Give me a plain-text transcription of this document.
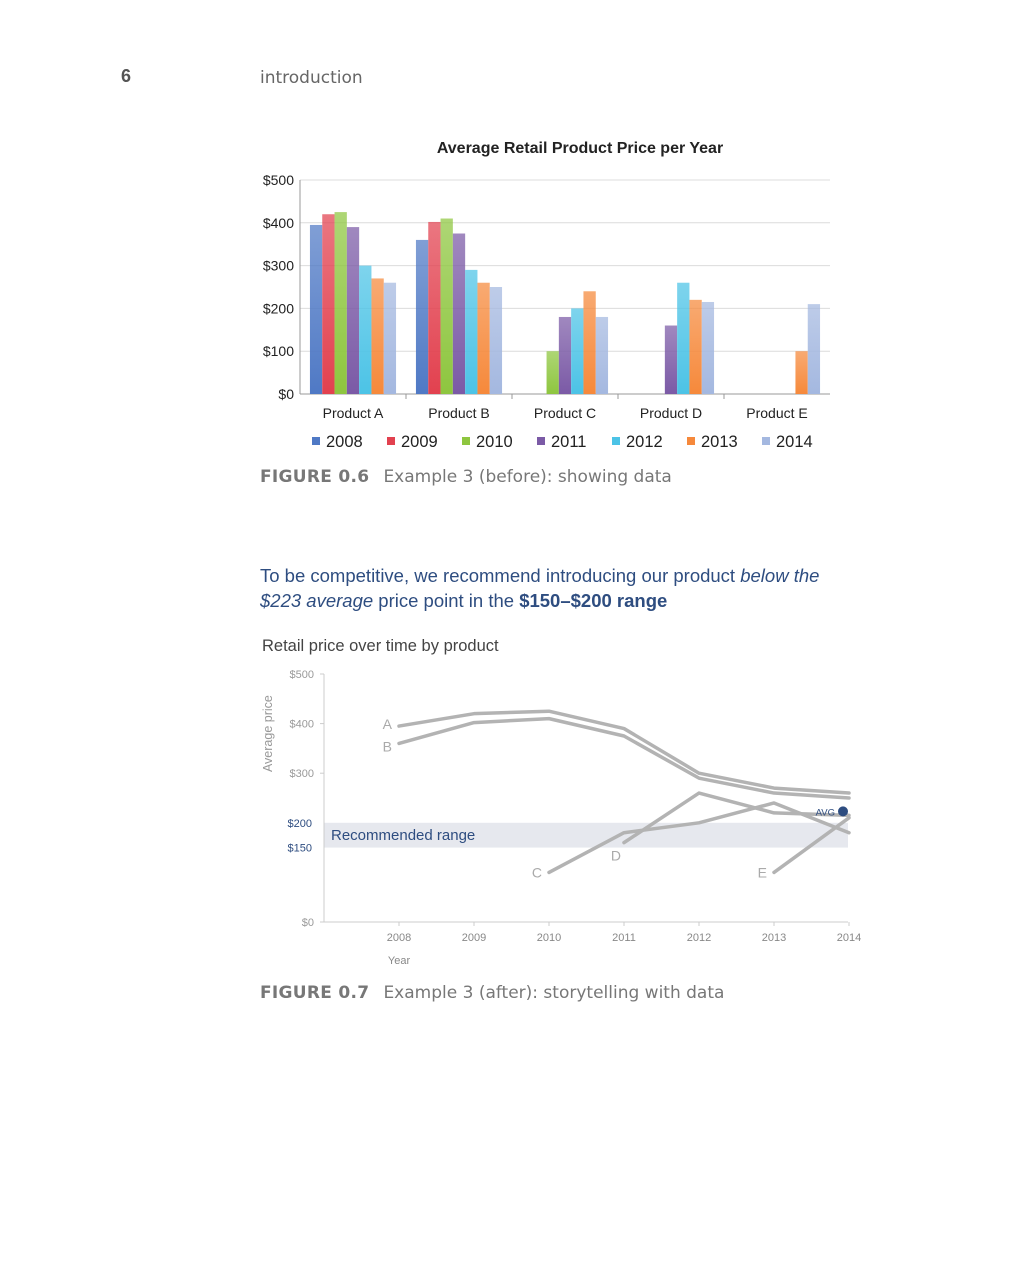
6	introduction
Average Retail Product Price per Year
$0
$100
$200
$300
$400
$500
Product A	Product B	Product C	Product D	Product E
2008 2009 2010 2011 2012 2013 2014
FIGURE 0.6 Example 3 (before): showing data
To be competitive, we recommend introducing our product below the $223 average price point in the $150–$200 range
Retail price over time by product
Average price
Recommended range
$0
$300
$400
$500
$150
$200
2008	2009	2010	2011	2012	2013	2014
Year
A
B
C
D
E
AVG
FIGURE 0.7 Example 3 (after): storytelling with data
